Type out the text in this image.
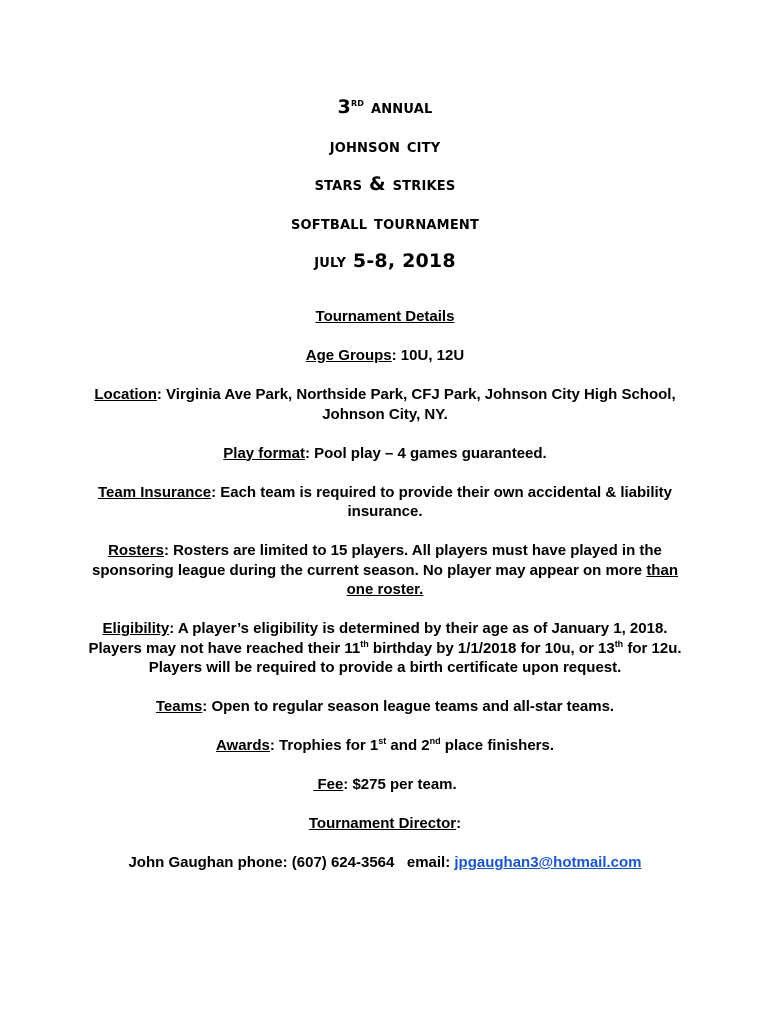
3rd annual
johnson city
stars & strikes
softball tournament
july 5-8, 2018

Tournament Details

Age Groups: 10U, 12U

Location: Virginia Ave Park, Northside Park, CFJ Park, Johnson City High School, Johnson City, NY.

Play format: Pool play – 4 games guaranteed.

Team Insurance: Each team is required to provide their own accidental & liability insurance.

Rosters: Rosters are limited to 15 players. All players must have played in the sponsoring league during the current season. No player may appear on more than one roster.

Eligibility: A player’s eligibility is determined by their age as of January 1, 2018. Players may not have reached their 11th birthday by 1/1/2018 for 10u, or 13th for 12u. Players will be required to provide a birth certificate upon request.

Teams: Open to regular season league teams and all-star teams.

Awards: Trophies for 1st and 2nd place finishers.

Fee: $275 per team.

Tournament Director:

John Gaughan phone: (607) 624-3564   email: jpgaughan3@hotmail.com
